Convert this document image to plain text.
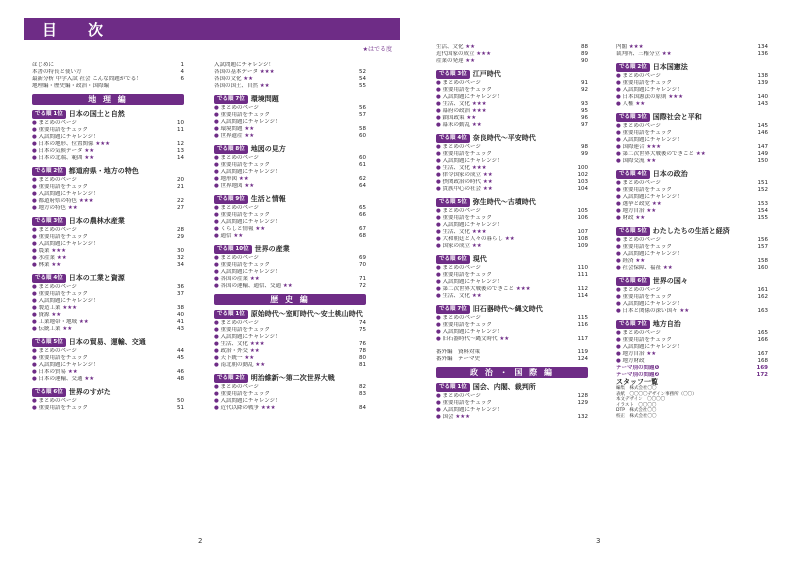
目　次
★はでる度
はじめに	1
本書の特長と使い方	4
最新分析 中学入試 社会 こんな問題がでる！	6
地理編・歴史編・政治・国際編
地 理 編
でる順 1位 日本の国土と自然
● まとめのページ	10
● 重要用語をチェック	11
● 入試問題にチャレンジ！
● 日本の地形、位置関係 ★★★	12
● 日本の気候データ ★★	13
● 日本の北端、範囲 ★★	14
でる順 2位 都道府県・地方の特色
● まとめのページ	20
● 重要用語をチェック	21
● 入試問題にチャレンジ！
● 都道府県の特色 ★★★	22
● 地方の特色 ★★	27
でる順 3位 日本の農林水産業
● まとめのページ	28
● 重要用語をチェック	29
● 入試問題にチャレンジ！
● 農業 ★★★	30
● 水産業 ★★	32
● 林業 ★★	34
でる順 4位 日本の工業と資源
● まとめのページ	36
● 重要用語をチェック	37
● 入試問題にチャレンジ！
● 製造工業 ★★★	38
● 資源 ★★	40
● 工業地帯・地域 ★★	41
● 伝統工業 ★★	43
でる順 5位 日本の貿易、運輸、交通
● まとめのページ	44
● 重要用語をチェック	45
● 入試問題にチャレンジ！
● 日本の貿易 ★★	46
● 日本の運輸、交通 ★★	48
でる順 6位 世界のすがた
● まとめのページ	50
● 重要用語をチェック	51
入試問題にチャレンジ！
各国の基本データ ★★★	52
各国の文化 ★★	54
各国の国土、自然 ★★	55
でる順 7位 環境問題
● まとめのページ	56
● 重要用語をチェック	57
● 入試問題にチャレンジ！
● 環境問題 ★★	58
● 世界遺産 ★★	60
でる順 8位 地図の見方
● まとめのページ	60
● 重要用語をチェック	61
● 入試問題にチャレンジ！
● 地形図 ★★	62
● 世界地図 ★★	64
でる順 9位 生活と情報
● まとめのページ	65
● 重要用語をチェック	66
● 入試問題にチャレンジ！
● くらしと情報 ★★	67
● 通信 ★★	68
でる順 10位 世界の産業
● まとめのページ	69
● 重要用語をチェック	70
● 入試問題にチャレンジ！
● 各国の産業 ★★	71
● 各国の運輸、通信、交通 ★★	72
歴 史 編
でる順 1位 原始時代〜室町時代〜安土桃山時代
● まとめのページ	74
● 重要用語をチェック	75
● 入試問題にチャレンジ！
● 生活、文化 ★★★	76
● 政治・外交 ★★	78
● 天下統一 ★★	80
● 南北朝の動乱 ★★	81
でる順 2位 明治維新〜第二次世界大戦
● まとめのページ	82
● 重要用語をチェック	83
● 入試問題にチャレンジ！
● 近代以降の戦争 ★★★	84
2
生活、文化 ★★	88
近代国家の成立 ★★★	89
産業の発達 ★★	90
でる順 3位 江戸時代
● まとめのページ	91
● 重要用語をチェック	92
● 入試問題にチャレンジ！
● 生活、文化 ★★★	93
● 幕府の政治 ★★★	95
● 鎖国政策 ★★	96
● 幕末の動乱 ★★	97
でる順 4位 奈良時代〜平安時代
● まとめのページ	98
● 重要用語をチェック	99
● 入試問題にチャレンジ！
● 生活、文化 ★★★	100
● 律令国家の成立 ★★	102
● 摂関政治の時代 ★★	103
● 貴族中心の社会 ★★	104
でる順 5位 弥生時代〜古墳時代
● まとめのページ	105
● 重要用語をチェック	106
● 入試問題にチャレンジ！
● 生活、文化 ★★★	107
● 大和朝廷と人々の暮らし ★★	108
● 国家の成立 ★★	109
でる順 6位 現代
● まとめのページ	110
● 重要用語をチェック	111
● 入試問題にチャレンジ！
● 第二次世界大戦後のできごと ★★★	112
● 生活、文化 ★★	114
でる順 7位 旧石器時代〜縄文時代
● まとめのページ	115
● 重要用語をチェック	116
● 入試問題にチャレンジ！
● 旧石器時代〜縄文時代 ★★	117
番外編　資料対策	119
番外編　テーマ史	124
政 治 ・ 国 際 編
でる順 1位 国会、内閣、裁判所
● まとめのページ	128
● 重要用語をチェック	129
● 入試問題にチャレンジ！
● 国会 ★★★	132
内閣 ★★★	134
裁判所、三権分立 ★★	136
でる順 2位 日本国憲法
● まとめのページ	138
● 重要用語をチェック	139
● 入試問題にチャレンジ！
● 日本国憲法の原則 ★★★	140
● 人権 ★★	143
でる順 3位 国際社会と平和
● まとめのページ	145
● 重要用語をチェック	146
● 入試問題にチャレンジ！
● 国際連合 ★★★	147
● 第二次世界大戦後のできごと ★★	149
● 国際交流 ★★	150
でる順 4位 日本の政治
● まとめのページ	151
● 重要用語をチェック	152
● 入試問題にチャレンジ！
● 選挙と政党 ★★	153
● 地方自治 ★★	154
● 財政 ★★	155
でる順 5位 わたしたちの生活と経済
● まとめのページ	156
● 重要用語をチェック	157
● 入試問題にチャレンジ！
● 経済 ★★	158
● 社会保障、福祉 ★★	160
でる順 6位 世界の国々
● まとめのページ	161
● 重要用語をチェック	162
● 入試問題にチャレンジ！
● 日本と関係の深い国々 ★★	163
でる順 7位 地方自治
● まとめのページ	165
● 重要用語をチェック	166
● 入試問題にチャレンジ！
● 地方自治 ★★	167
● 地方財政	168
テーマ別の問題❶	169
テーマ別の問題❷	172
スタッフ一覧
編集　株式会社〇〇
表紙　〇〇〇〇デザイン事務所（〇〇）
本文デザイン　〇〇〇〇
イラスト　〇〇〇〇
DTP　株式会社〇〇
校正　株式会社〇〇
3
